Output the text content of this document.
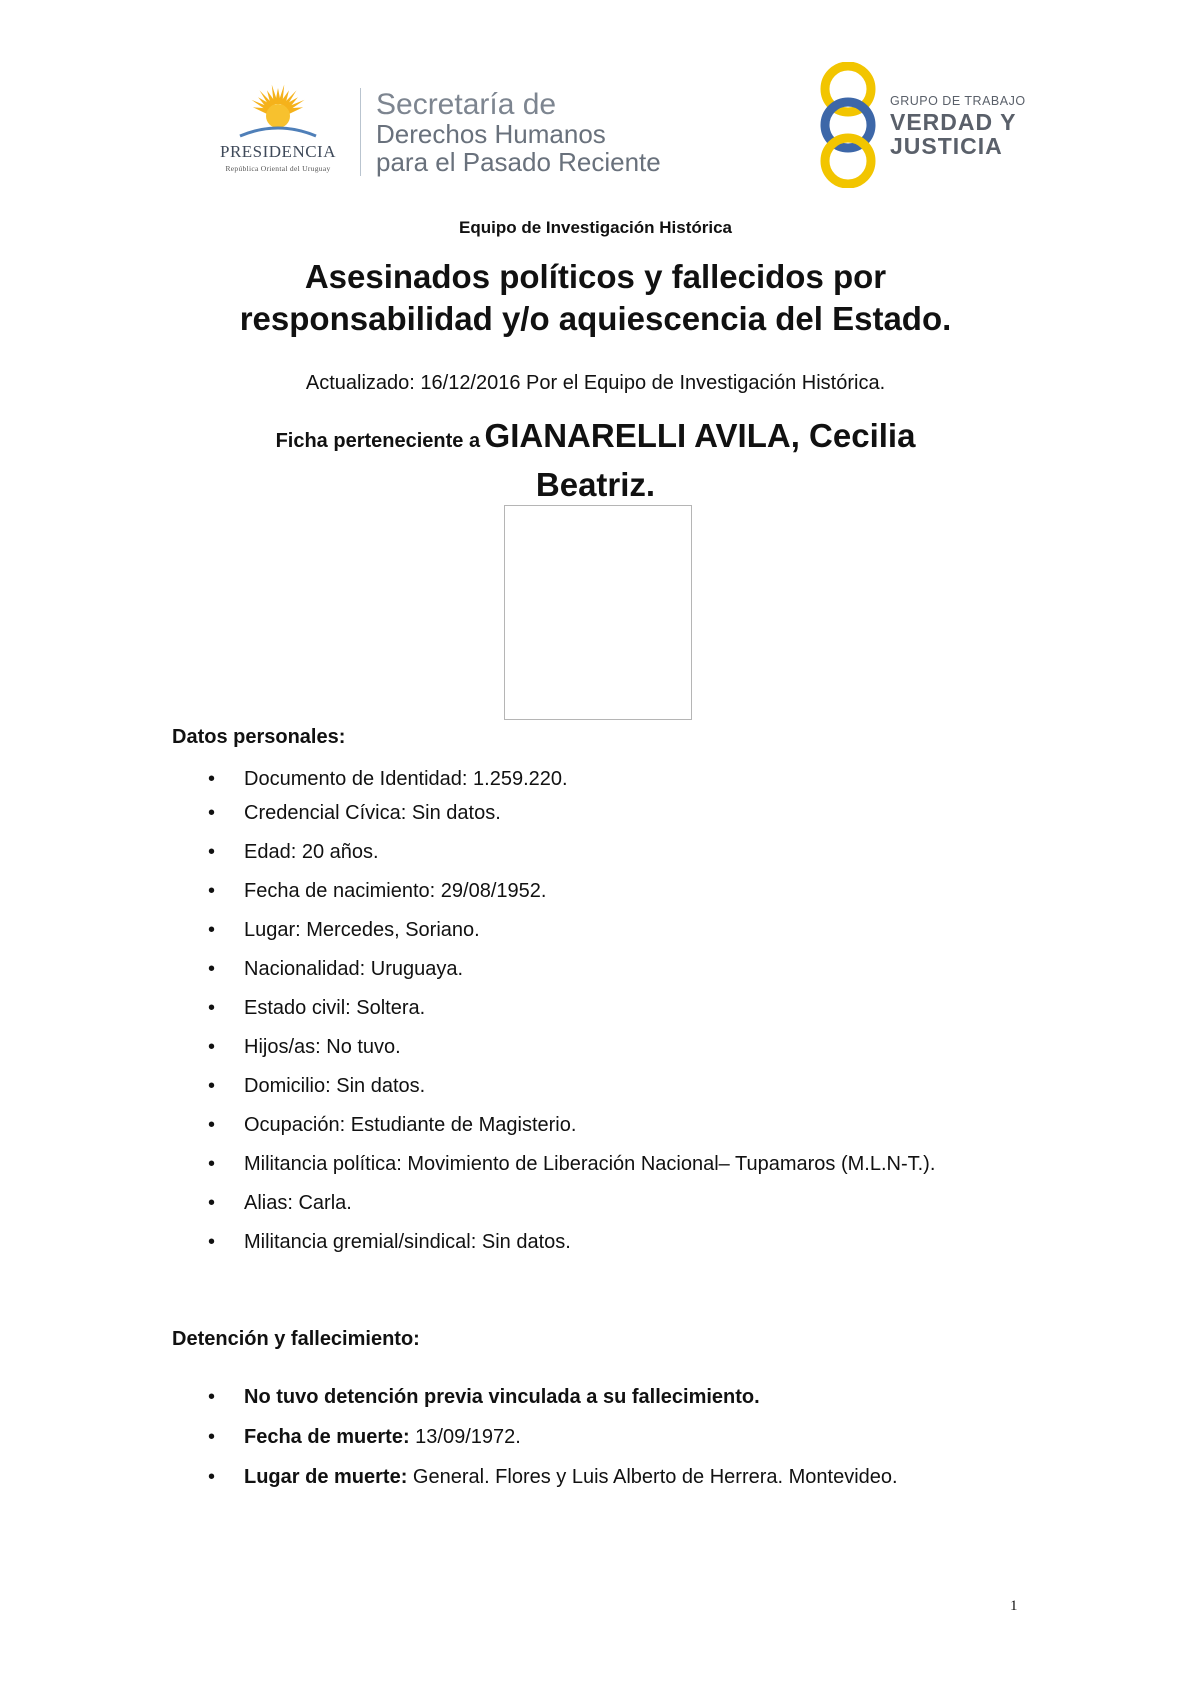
PRESIDENCIA
República Oriental del Uruguay
Secretaría de
Derechos Humanos
para el Pasado Reciente
GRUPO DE TRABAJO
VERDAD Y
JUSTICIA
Equipo de Investigación Histórica
Asesinados políticos y fallecidos por
responsabilidad y/o aquiescencia del Estado.
Actualizado: 16/12/2016 Por el Equipo de Investigación Histórica.
Ficha perteneciente a GIANARELLI AVILA, Cecilia
Beatriz.
Datos personales:
• Documento de Identidad: 1.259.220.
• Credencial Cívica: Sin datos.
• Edad: 20 años.
• Fecha de nacimiento: 29/08/1952.
• Lugar: Mercedes, Soriano.
• Nacionalidad: Uruguaya.
• Estado civil: Soltera.
• Hijos/as: No tuvo.
• Domicilio: Sin datos.
• Ocupación: Estudiante de Magisterio.
• Militancia política: Movimiento de Liberación Nacional– Tupamaros (M.L.N-T.).
• Alias: Carla.
• Militancia gremial/sindical: Sin datos.
Detención y fallecimiento:
• No tuvo detención previa vinculada a su fallecimiento.
• Fecha de muerte: 13/09/1972.
• Lugar de muerte: General. Flores y Luis Alberto de Herrera. Montevideo.
1
